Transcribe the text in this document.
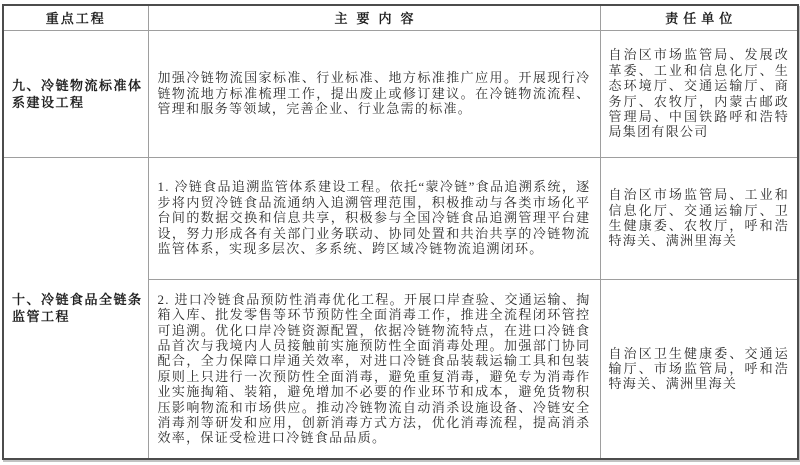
重点工程	主要内容	责任单位
九、冷链物流标准体系建设工程	加强冷链物流国家标准、行业标准、地方标准推广应用。开展现行冷链物流地方标准梳理工作，提出废止或修订建议。在冷链物流流程、管理和服务等领域，完善企业、行业急需的标准。	自治区市场监管局、发展改革委、工业和信息化厅、生态环境厅、交通运输厅、商务厅、农牧厅，内蒙古邮政管理局、中国铁路呼和浩特局集团有限公司
十、冷链食品全链条监管工程	1. 冷链食品追溯监管体系建设工程。依托“蒙冷链”食品追溯系统，逐步将内贸冷链食品流通纳入追溯管理范围，积极推动与各类市场化平台间的数据交换和信息共享，积极参与全国冷链食品追溯管理平台建设，努力形成各有关部门业务联动、协同处置和共治共享的冷链物流监管体系，实现多层次、多系统、跨区域冷链物流追溯闭环。	自治区市场监管局、工业和信息化厅、交通运输厅、卫生健康委、农牧厅，呼和浩特海关、满洲里海关
	2. 进口冷链食品预防性消毒优化工程。开展口岸查验、交通运输、掏箱入库、批发零售等环节预防性全面消毒工作，推进全流程闭环管控可追溯。优化口岸冷链资源配置，依据冷链物流特点，在进口冷链食品首次与我境内人员接触前实施预防性全面消毒处理。加强部门协同配合，全力保障口岸通关效率，对进口冷链食品装载运输工具和包装原则上只进行一次预防性全面消毒，避免重复消毒，避免专为消毒作业实施掏箱、装箱，避免增加不必要的作业环节和成本，避免货物积压影响物流和市场供应。推动冷链物流自动消杀设施设备、冷链安全消毒剂等研发和应用，创新消毒方式方法，优化消毒流程，提高消杀效率，保证受检进口冷链食品品质。	自治区卫生健康委、交通运输厅、市场监管局，呼和浩特海关、满洲里海关
